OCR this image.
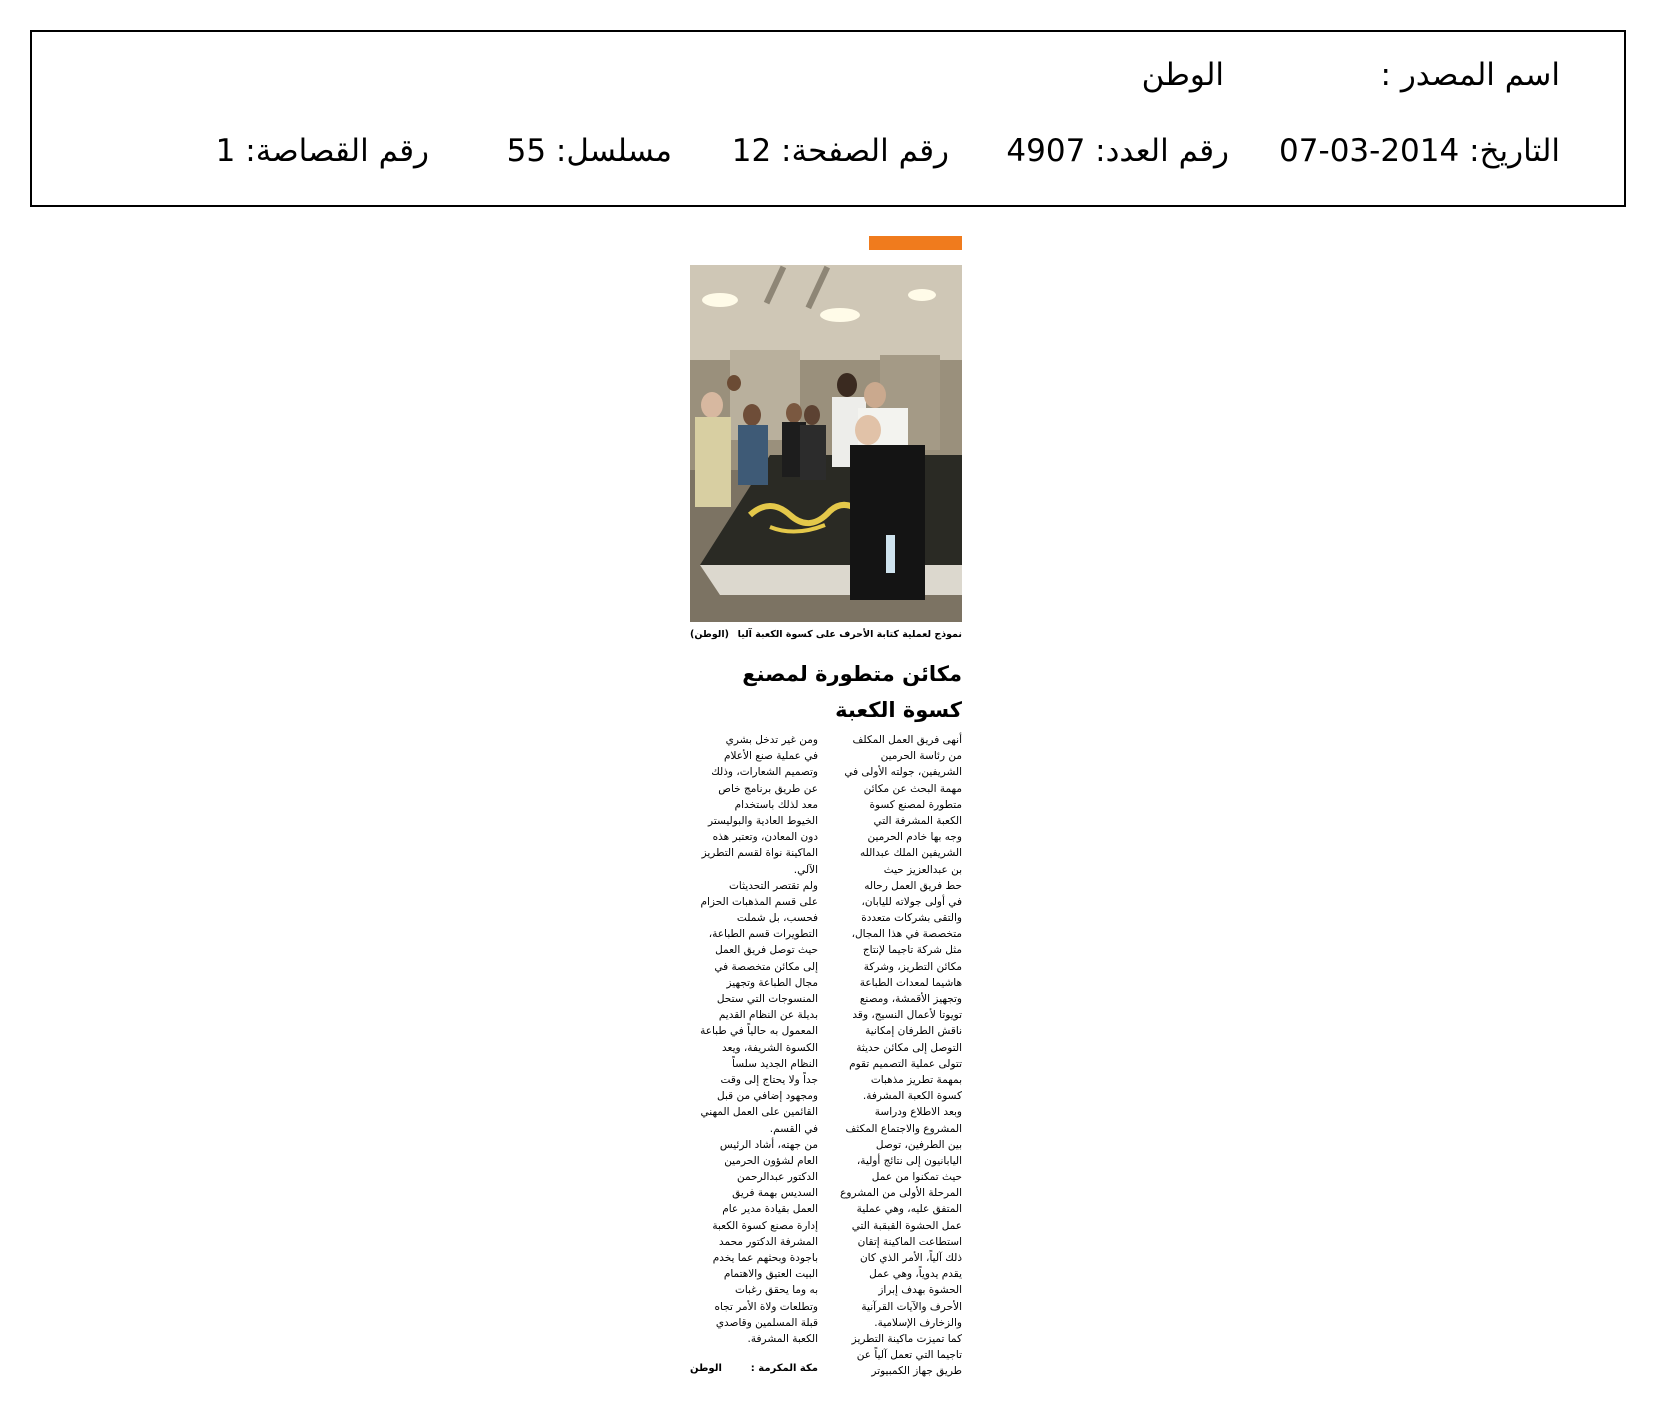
اسم المصدر :
الوطن
التاريخ: 2014-03-07
رقم العدد: 4907
رقم الصفحة: 12
مسلسل: 55
رقم القصاصة: 1
نموذج لعملية كتابة الأحرف على كسوة الكعبة آليا
(الوطن)
مكائن متطورة لمصنع
كسوة الكعبة
أنهى فريق العمل المكلف
من رئاسة الحرمين
الشريفين، جولته الأولى في
مهمة البحث عن مكائن
متطورة لمصنع كسوة
الكعبة المشرفة التي
وجه بها خادم الحرمين
الشريفين الملك عبدالله
بن عبدالعزيز حيث
حط فريق العمل رحاله
في أولى جولاته لليابان،
والتقى بشركات متعددة
متخصصة في هذا المجال،
مثل شركة تاجيما لإنتاج
مكائن التطريز، وشركة
هاشيما لمعدات الطباعة
وتجهيز الأقمشة، ومصنع
تويوتا لأعمال النسيج، وقد
ناقش الطرفان إمكانية
التوصل إلى مكائن حديثة
تتولى عملية التصميم تقوم
بمهمة تطريز مذهبات
كسوة الكعبة المشرفة.
وبعد الاطلاع ودراسة
المشروع والاجتماع المكثف
بين الطرفين، توصل
اليابانيون إلى نتائج أولية،
حيث تمكنوا من عمل
المرحلة الأولى من المشروع
المتفق عليه، وهي عملية
عمل الحشوة القبقبة التي
استطاعت الماكينة إتقان
ذلك آلياً، الأمر الذي كان
يقدم يدوياً، وهي عمل
الحشوة بهدف إبراز
الأحرف والآيات القرآنية
والزخارف الإسلامية.
كما تميزت ماكينة التطريز
تاجيما التي تعمل آلياً عن
طريق جهاز الكمبيوتر
ومن غير تدخل بشري
في عملية صنع الأعلام
وتصميم الشعارات، وذلك
عن طريق برنامج خاص
معد لذلك باستخدام
الخيوط العادية والبوليستر
دون المعادن، وتعتبر هذه
الماكينة نواة لقسم التطريز
الآلي.
ولم تقتصر التحديثات
على قسم المذهبات الحزام
فحسب، بل شملت
التطويرات قسم الطباعة،
حيث توصل فريق العمل
إلى مكائن متخصصة في
مجال الطباعة وتجهيز
المنسوجات التي ستحل
بديلة عن النظام القديم
المعمول به حالياً في طباعة
الكسوة الشريفة، ويعد
النظام الجديد سلساً
جداً ولا يحتاج إلى وقت
ومجهود إضافي من قبل
القائمين على العمل المهني
في القسم.
من جهته، أشاد الرئيس
العام لشؤون الحرمين
الدكتور عبدالرحمن
السديس بهمة فريق
العمل بقيادة مدير عام
إدارة مصنع كسوة الكعبة
المشرفة الدكتور محمد
باجودة وبحثهم عما يخدم
البيت العتيق والاهتمام
به وما يحقق رغبات
وتطلعات ولاة الأمر تجاه
قبلة المسلمين وقاصدي
الكعبة المشرفة.
مكة المكرمة :
الوطن
